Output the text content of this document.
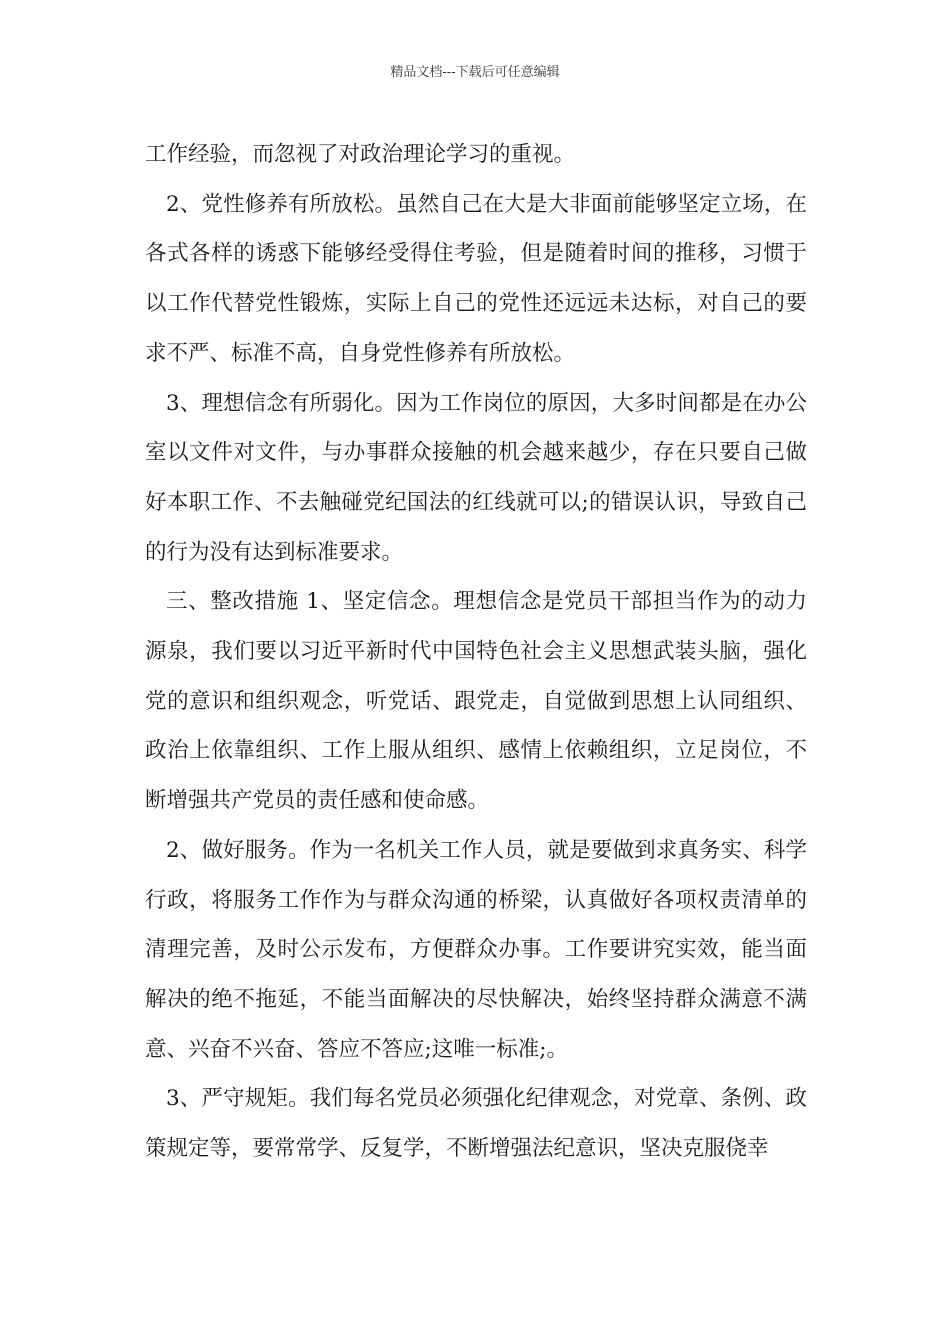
精品文档---下载后可任意编辑

工作经验，而忽视了对政治理论学习的重视。

2、党性修养有所放松。虽然自己在大是大非面前能够坚定立场，在各式各样的诱惑下能够经受得住考验，但是随着时间的推移，习惯于以工作代替党性锻炼，实际上自己的党性还远远未达标，对自己的要求不严、标准不高，自身党性修养有所放松。

3、理想信念有所弱化。因为工作岗位的原因，大多时间都是在办公室以文件对文件，与办事群众接触的机会越来越少，存在只要自己做好本职工作、不去触碰党纪国法的红线就可以;的错误认识，导致自己的行为没有达到标准要求。

三、整改措施 1、坚定信念。理想信念是党员干部担当作为的动力源泉，我们要以习近平新时代中国特色社会主义思想武装头脑，强化党的意识和组织观念，听党话、跟党走，自觉做到思想上认同组织、政治上依靠组织、工作上服从组织、感情上依赖组织，立足岗位，不断增强共产党员的责任感和使命感。

2、做好服务。作为一名机关工作人员，就是要做到求真务实、科学行政，将服务工作作为与群众沟通的桥梁，认真做好各项权责清单的清理完善，及时公示发布，方便群众办事。工作要讲究实效，能当面解决的绝不拖延，不能当面解决的尽快解决，始终坚持群众满意不满意、兴奋不兴奋、答应不答应;这唯一标准;。

3、严守规矩。我们每名党员必须强化纪律观念，对党章、条例、政策规定等，要常常学、反复学，不断增强法纪意识，坚决克服侥幸
